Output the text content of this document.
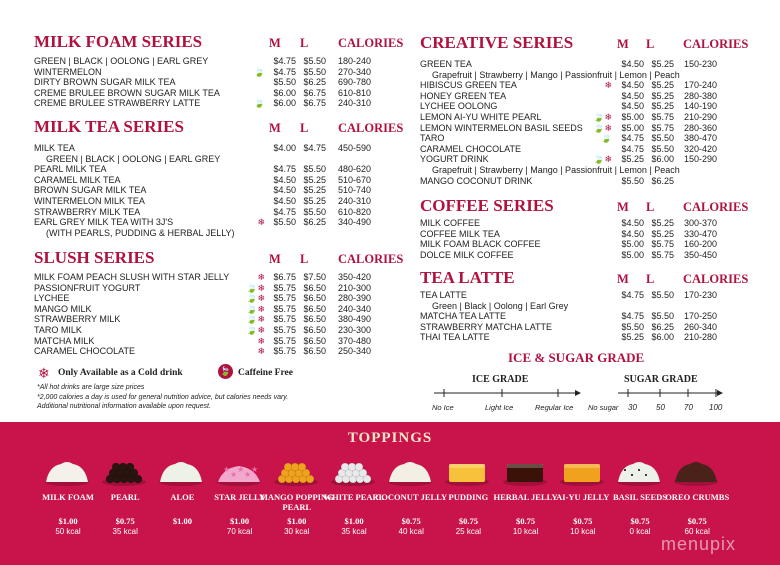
MILK FOAM SERIES	M L CALORIES
GREEN | BLACK | OOLONG | EARL GREY	$4.75 $5.50 180-240
WINTERMELON	🍃 $4.75 $5.50 270-340
DIRTY BROWN SUGAR MILK TEA	$5.50 $6.25 690-780
CREME BRULEE BROWN SUGAR MILK TEA	$6.00 $6.75 610-810
CREME BRULEE STRAWBERRY LATTE	🍃 $6.00 $6.75 240-310
MILK TEA SERIES	M L CALORIES
MILK TEA	$4.00 $4.75 450-590
GREEN | BLACK | OOLONG | EARL GREY
PEARL MILK TEA	$4.75 $5.50 480-620
CARAMEL MILK TEA	$4.50 $5.25 510-670
BROWN SUGAR MILK TEA	$4.50 $5.25 510-740
WINTERMELON MILK TEA	$4.50 $5.25 240-310
STRAWBERRY MILK TEA	$4.75 $5.50 610-820
EARL GREY MILK TEA WITH 3J'S	❄ $5.50 $6.25 340-490
(WITH PEARLS, PUDDING & HERBAL JELLY)
SLUSH SERIES	M L CALORIES
MILK FOAM PEACH SLUSH WITH STAR JELLY	❄ $6.75 $7.50 350-420
PASSIONFRUIT YOGURT	🍃❄ $5.75 $6.50 210-300
LYCHEE	🍃❄ $5.75 $6.50 280-390
MANGO MILK	🍃❄ $5.75 $6.50 240-340
STRAWBERRY MILK	🍃❄ $5.75 $6.50 380-490
TARO MILK	🍃❄ $5.75 $6.50 230-300
MATCHA MILK	❄ $5.75 $6.50 370-480
CARAMEL CHOCOLATE	❄ $5.75 $6.50 250-340
❄ Only Available as a Cold drink	🍃 Caffeine Free
*All hot drinks are large size prices
*2,000 calories a day is used for general nutrition advice, but calories needs vary.
Additional nutritional information available upon request.
CREATIVE SERIES	M L CALORIES
GREEN TEA	$4.50 $5.25 150-230
Grapefruit | Strawberry | Mango | Passionfruit | Lemon | Peach
HIBISCUS GREEN TEA	❄ $4.50 $5.25 170-240
HONEY GREEN TEA	$4.50 $5.25 280-380
LYCHEE OOLONG	$4.50 $5.25 140-190
LEMON AI-YU WHITE PEARL	🍃❄ $5.00 $5.75 210-290
LEMON WINTERMELON BASIL SEEDS 🍃❄ $5.00 $5.75 280-360
TARO	🍃 $4.75 $5.50 380-470
CARAMEL CHOCOLATE	$4.75 $5.50 320-420
YOGURT DRINK	🍃❄ $5.25 $6.00 150-290
Grapefruit | Strawberry | Mango | Passionfruit | Lemon | Peach
MANGO COCONUT DRINK	$5.50 $6.25
COFFEE SERIES	M L CALORIES
MILK COFFEE	$4.50 $5.25 300-370
COFFEE MILK TEA	$4.50 $5.25 330-470
MILK FOAM BLACK COFFEE	$5.00 $5.75 160-200
DOLCE MILK COFFEE	$5.00 $5.75 350-450
TEA LATTE	M L CALORIES
TEA LATTE	$4.75 $5.50 170-230
Green | Black | Oolong | Earl Grey
MATCHA TEA LATTE	$4.75 $5.50 170-250
STRAWBERRY MATCHA LATTE	$5.50 $6.25 260-340
THAI TEA LATTE	$5.25 $6.00 210-280
ICE & SUGAR GRADE
ICE GRADE	SUGAR GRADE
No Ice	Light Ice	Regular Ice No sugar 30 50 70 100
TOPPINGS
MILK FOAM
$1.00
50 kcal
PEARL
$0.75
35 kcal
ALOE
$1.00
★
★
★
★
★
STAR JELLY
$1.00
70 kcal
MANGO POPPING PEARL
$1.00
30 kcal
WHITE PEARL
$1.00
35 kcal
COCONUT JELLY
$0.75
40 kcal
PUDDING
$0.75
25 kcal
HERBAL JELLY
$0.75
10 kcal
AI-YU JELLY
$0.75
10 kcal
BASIL SEEDS
$0.75
0 kcal
OREO CRUMBS
$0.75
60 kcal
menupix
